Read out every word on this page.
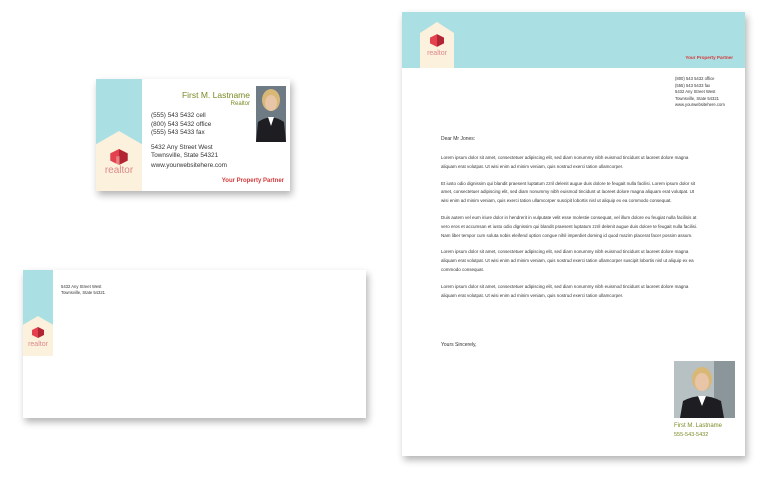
realtor
First M. Lastname
Realtor
(555) 543 5432 cell
(800) 543 5432 office
(555) 543 5433 fax
5432 Any Street West
Townsville, State 54321
www.yourwebsitehere.com
Your Property Partner
realtor
5432 Any Street West
Townsville, State 54321
realtor
Your Property Partner
(800) 543 5432 office
(555) 543 5433 fax
5432 Any Street West
Townsville, State 54321
www.yourwebsitehere.com
Dear Mr Jones:

Lorem ipsum dolor sit amet, consectetuer adipiscing elit, sed diam nonummy nibh euismod tincidunt ut laoreet dolore magna aliquam erat volutpat. Ut wisi enim ad minim veniam, quis nostrud exerci tation ullamcorper.

Et iusto odio dignissim qui blandit praesent luptatum zzril delenit augue duis dolore te feugait nulla facilisi. Lorem ipsum dolor sit amet, consectetuer adipiscing elit, sed diam nonummy nibh euismod tincidunt ut laoreet dolore magna aliquam erat volutpat. Ut wisi enim ad minim veniam, quis exerci tation ullamcorper suscipit lobortis nisl ut aliquip ex ea commodo consequat.

Duis autem vel eum iriure dolor in hendrerit in vulputate velit esse molestie consequat, vel illum dolore eu feugiat nulla facilisis at vero eros et accumsan et iusto odio dignissim qui blandit praesent luptatum zzril delenit augue duis dolore te feugait nulla facilisi. Nam liber tempor cum soluta nobis eleifend option congue nihil imperdiet doming id quod mazim placerat facer possim assum.

Lorem ipsum dolor sit amet, consectetuer adipiscing elit, sed diam nonummy nibh euismod tincidunt ut laoreet dolore magna aliquam erat volutpat. Ut wisi enim ad minim veniam, quis nostrud exerci tation ullamcorper suscipit lobortis nisl ut aliquip ex ea commodo consequat.

Lorem ipsum dolor sit amet, consectetuer adipiscing elit, sed diam nonummy nibh euismod tincidunt ut laoreet dolore magna aliquam erat volutpat. Ut wisi enim ad minim veniam, quis nostrud exerci tation ullamcorper.

Yours Sincerely,
First M. Lastname
555-543-5432
